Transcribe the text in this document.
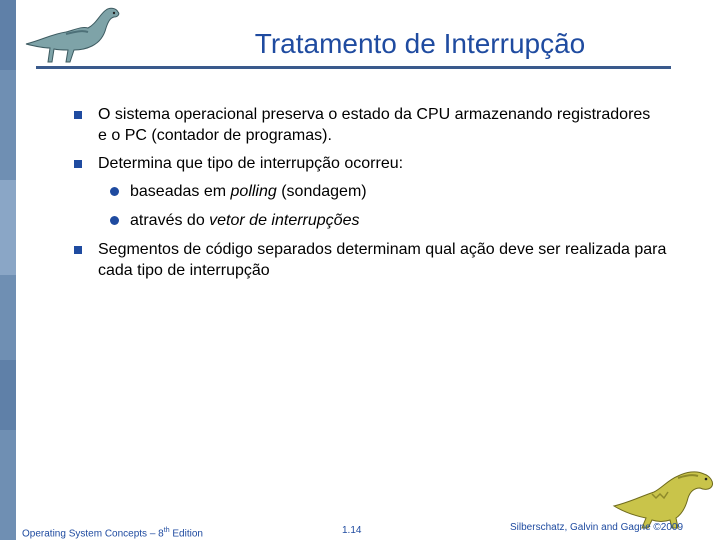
Tratamento de Interrupção
O sistema operacional preserva o estado da CPU armazenando registradores e o PC (contador de programas).
Determina que tipo de interrupção ocorreu:
baseadas em polling (sondagem)
através do vetor de interrupções
Segmentos de código separados determinam qual ação deve ser realizada para cada tipo de interrupção
Operating System Concepts – 8th Edition	1.14	Silberschatz, Galvin and Gagne ©2009
